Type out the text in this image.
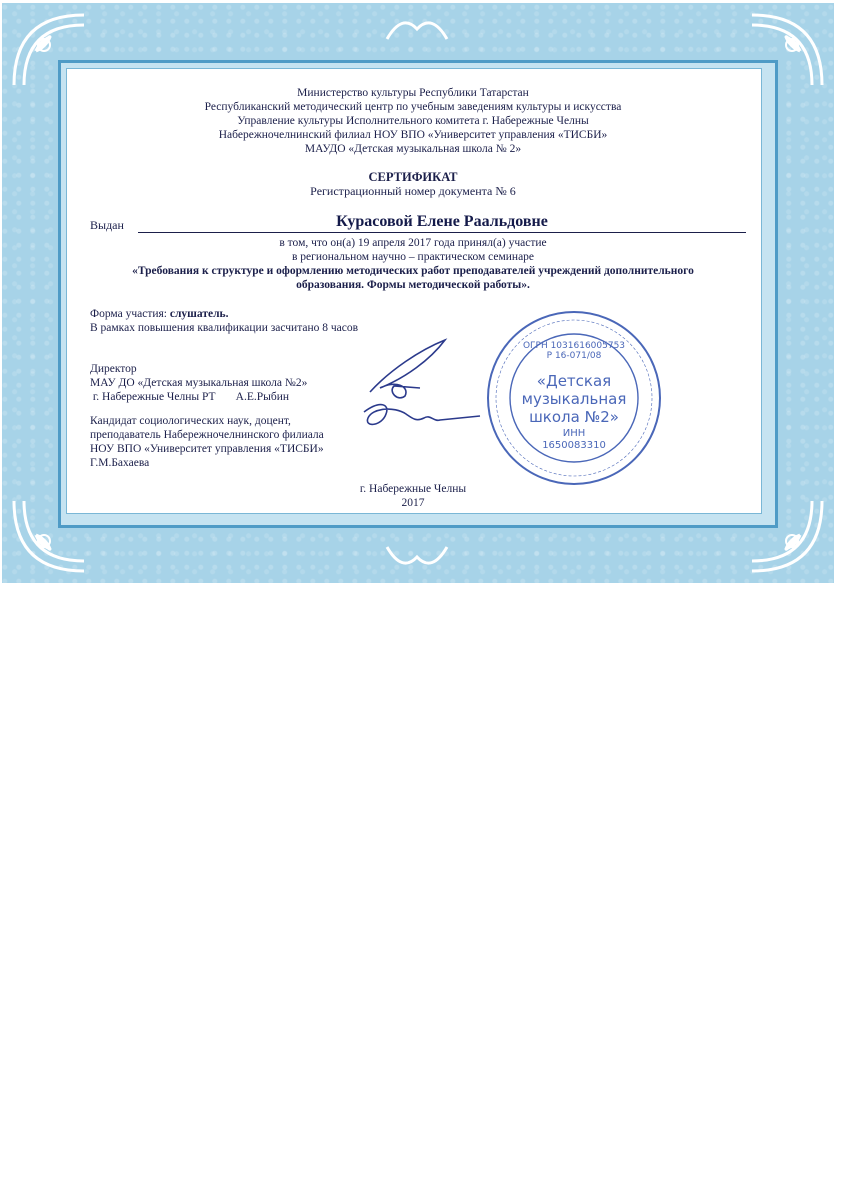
Министерство культуры Республики Татарстан
Республиканский методический центр по учебным заведениям культуры и искусства
Управление культуры Исполнительного комитета г. Набережные Челны
Набережночелнинский филиал НОУ ВПО «Университет управления «ТИСБИ»
МАУДО «Детская музыкальная школа № 2»
СЕРТИФИКАТ
Регистрационный номер документа № 6
Выдан	Курасовой Елене Раальдовне
в том, что он(а) 19 апреля 2017 года принял(а) участие
в региональном научно – практическом семинаре
«Требования к структуре и оформлению методических работ преподавателей учреждений дополнительного
образования. Формы методической работы».
Форма участия: слушатель.
В рамках повышения квалификации засчитано 8 часов
Директор
МАУ ДО «Детская музыкальная школа №2»
г. Набережные Челны РТ       А.Е.Рыбин
Кандидат социологических наук, доцент,
преподаватель Набережночелнинского филиала
НОУ ВПО «Университет управления «ТИСБИ»
Г.М.Бахаева
Р 16-071/08
ОГРН 1031616005753
«Детская
музыкальная
школа №2»
ИНН
1650083310
г. Набережные Челны
2017
